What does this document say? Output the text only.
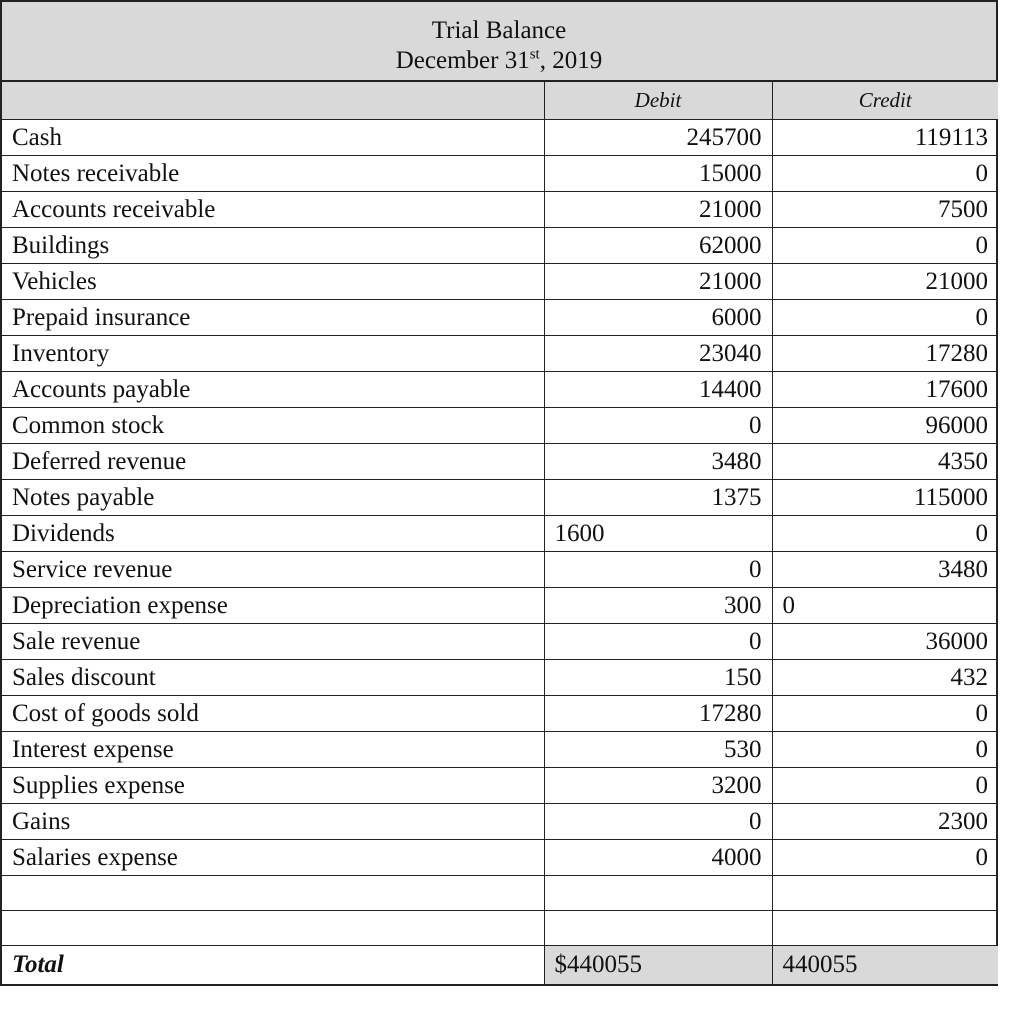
Trial Balance
December 31st, 2019
	Debit	Credit
Cash	245700	119113
Notes receivable	15000	0
Accounts receivable	21000	7500
Buildings	62000	0
Vehicles	21000	21000
Prepaid insurance	6000	0
Inventory	23040	17280
Accounts payable	14400	17600
Common stock	0	96000
Deferred revenue	3480	4350
Notes payable	1375	115000
Dividends	1600	0
Service revenue	0	3480
Depreciation expense	300	0
Sale revenue	0	36000
Sales discount	150	432
Cost of goods sold	17280	0
Interest expense	530	0
Supplies expense	3200	0
Gains	0	2300
Salaries expense	4000	0

Total	$440055	440055
